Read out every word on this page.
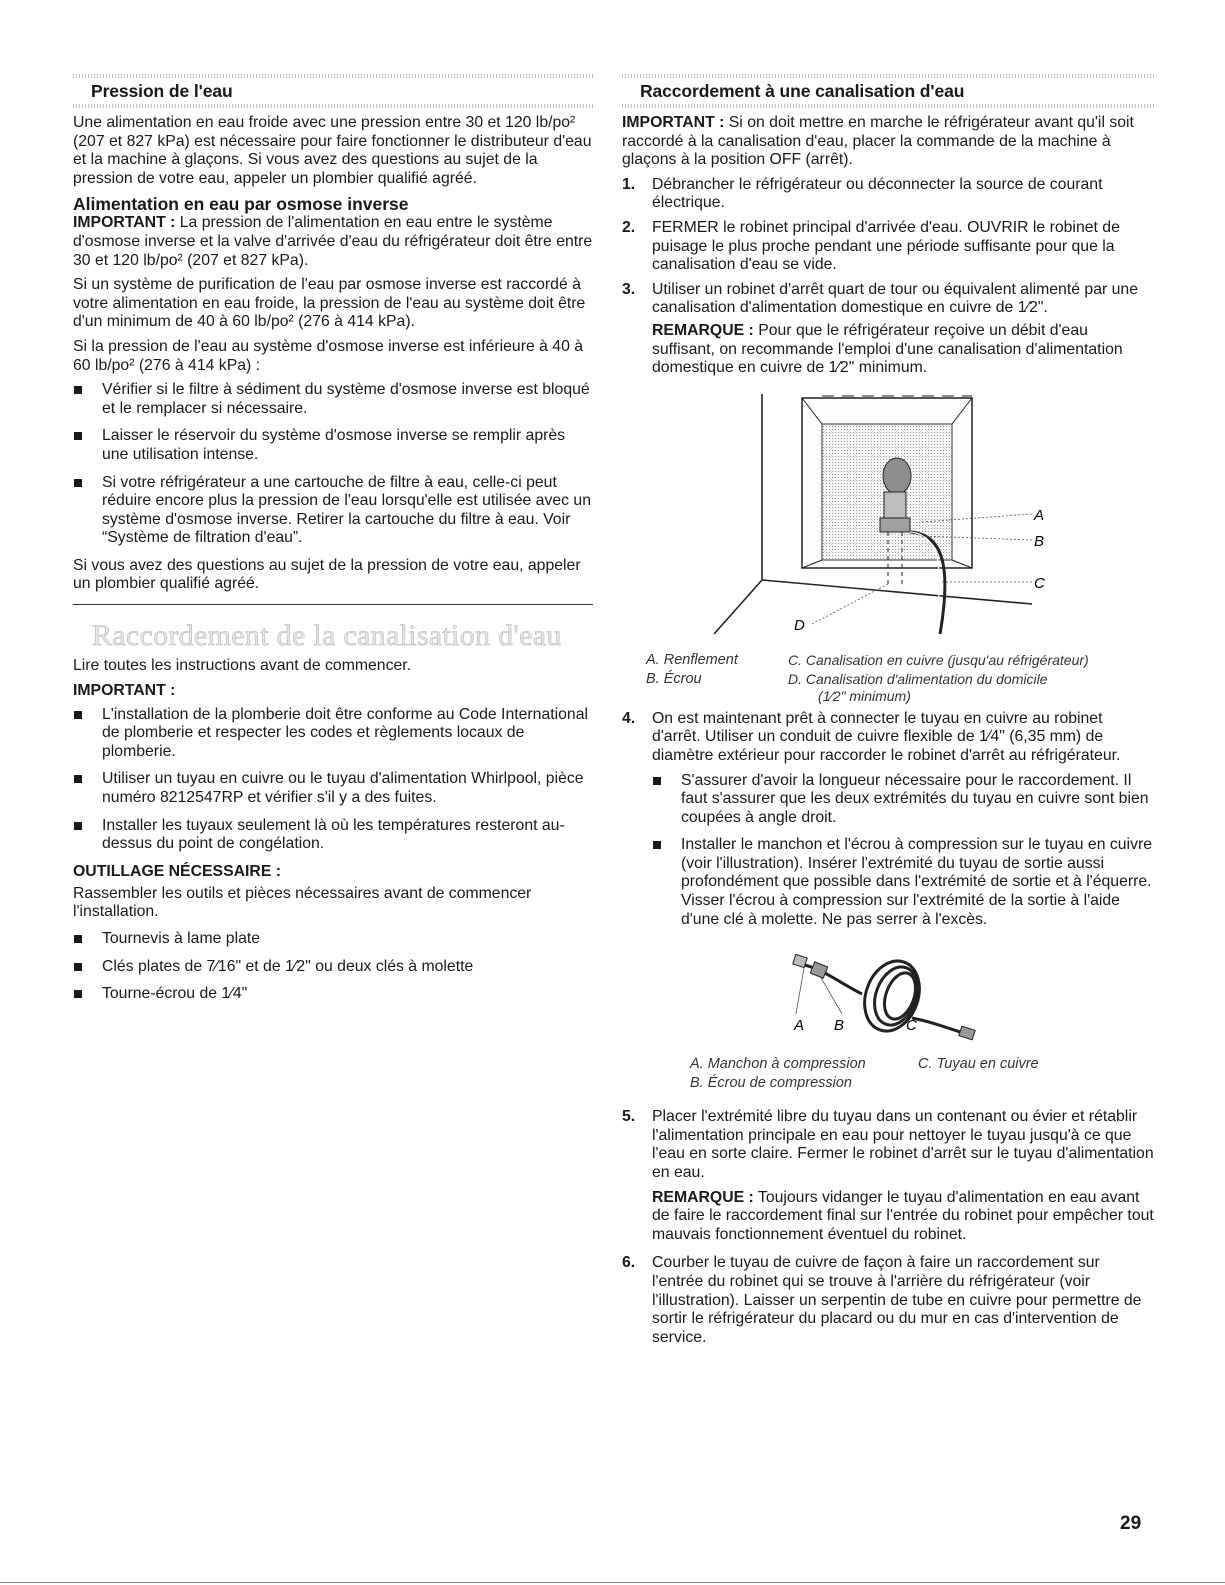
Pression de l'eau

Une alimentation en eau froide avec une pression entre 30 et 120 lb/po² (207 et 827 kPa) est nécessaire pour faire fonctionner le distributeur d'eau et la machine à glaçons. Si vous avez des questions au sujet de la pression de votre eau, appeler un plombier qualifié agréé.

Alimentation en eau par osmose inverse

IMPORTANT : La pression de l'alimentation en eau entre le système d'osmose inverse et la valve d'arrivée d'eau du réfrigérateur doit être entre 30 et 120 lb/po² (207 et 827 kPa).

Si un système de purification de l'eau par osmose inverse est raccordé à votre alimentation en eau froide, la pression de l'eau au système doit être d'un minimum de 40 à 60 lb/po² (276 à 414 kPa).

Si la pression de l'eau au système d'osmose inverse est inférieure à 40 à 60 lb/po² (276 à 414 kPa) :

Vérifier si le filtre à sédiment du système d'osmose inverse est bloqué et le remplacer si nécessaire.
Laisser le réservoir du système d'osmose inverse se remplir après une utilisation intense.
Si votre réfrigérateur a une cartouche de filtre à eau, celle-ci peut réduire encore plus la pression de l'eau lorsqu'elle est utilisée avec un système d'osmose inverse. Retirer la cartouche du filtre à eau. Voir “Système de filtration d'eau”.

Si vous avez des questions au sujet de la pression de votre eau, appeler un plombier qualifié agréé.

Raccordement de la canalisation d'eau

Lire toutes les instructions avant de commencer.

IMPORTANT :
L'installation de la plomberie doit être conforme au Code International de plomberie et respecter les codes et règlements locaux de plomberie.
Utiliser un tuyau en cuivre ou le tuyau d'alimentation Whirlpool, pièce numéro 8212547RP et vérifier s'il y a des fuites.
Installer les tuyaux seulement là où les températures resteront au-dessus du point de congélation.
OUTILLAGE NÉCESSAIRE :

Rassembler les outils et pièces nécessaires avant de commencer l'installation.

Tournevis à lame plate
Clés plates de 7⁄16" et de 1⁄2" ou deux clés à molette
Tourne-écrou de 1⁄4"
Raccordement à une canalisation d'eau

IMPORTANT : Si on doit mettre en marche le réfrigérateur avant qu'il soit raccordé à la canalisation d'eau, placer la commande de la machine à glaçons à la position OFF (arrêt).

1. Débrancher le réfrigérateur ou déconnecter la source de courant électrique.
2. FERMER le robinet principal d'arrivée d'eau. OUVRIR le robinet de puisage le plus proche pendant une période suffisante pour que la canalisation d'eau se vide.
3. Utiliser un robinet d'arrêt quart de tour ou équivalent alimenté par une canalisation d'alimentation domestique en cuivre de 1⁄2".

REMARQUE : Pour que le réfrigérateur reçoive un débit d'eau suffisant, on recommande l'emploi d'une canalisation d'alimentation domestique en cuivre de 1⁄2" minimum.

A
B
C
D
A. Renflement
B. Écrou
C. Canalisation en cuivre (jusqu'au réfrigérateur)
D. Canalisation d'alimentation du domicile
(1⁄2" minimum)
4. On est maintenant prêt à connecter le tuyau en cuivre au robinet d'arrêt. Utiliser un conduit de cuivre flexible de 1⁄4" (6,35 mm) de diamètre extérieur pour raccorder le robinet d'arrêt au réfrigérateur.
S'assurer d'avoir la longueur nécessaire pour le raccordement. Il faut s'assurer que les deux extrémités du tuyau en cuivre sont bien coupées à angle droit.
Installer le manchon et l'écrou à compression sur le tuyau en cuivre (voir l'illustration). Insérer l'extrémité du tuyau de sortie aussi profondément que possible dans l'extrémité de sortie et à l'équerre. Visser l'écrou à compression sur l'extrémité de la sortie à l'aide d'une clé à molette. Ne pas serrer à l'excès.
A B	C
A. Manchon à compression
B. Écrou de compression
C. Tuyau en cuivre
5. Placer l'extrémité libre du tuyau dans un contenant ou évier et rétablir l'alimentation principale en eau pour nettoyer le tuyau jusqu'à ce que l'eau en sorte claire. Fermer le robinet d'arrêt sur le tuyau d'alimentation en eau.

REMARQUE : Toujours vidanger le tuyau d'alimentation en eau avant de faire le raccordement final sur l'entrée du robinet pour empêcher tout mauvais fonctionnement éventuel du robinet.

6. Courber le tuyau de cuivre de façon à faire un raccordement sur l'entrée du robinet qui se trouve à l'arrière du réfrigérateur (voir l'illustration). Laisser un serpentin de tube en cuivre pour permettre de sortir le réfrigérateur du placard ou du mur en cas d'intervention de service.
29
